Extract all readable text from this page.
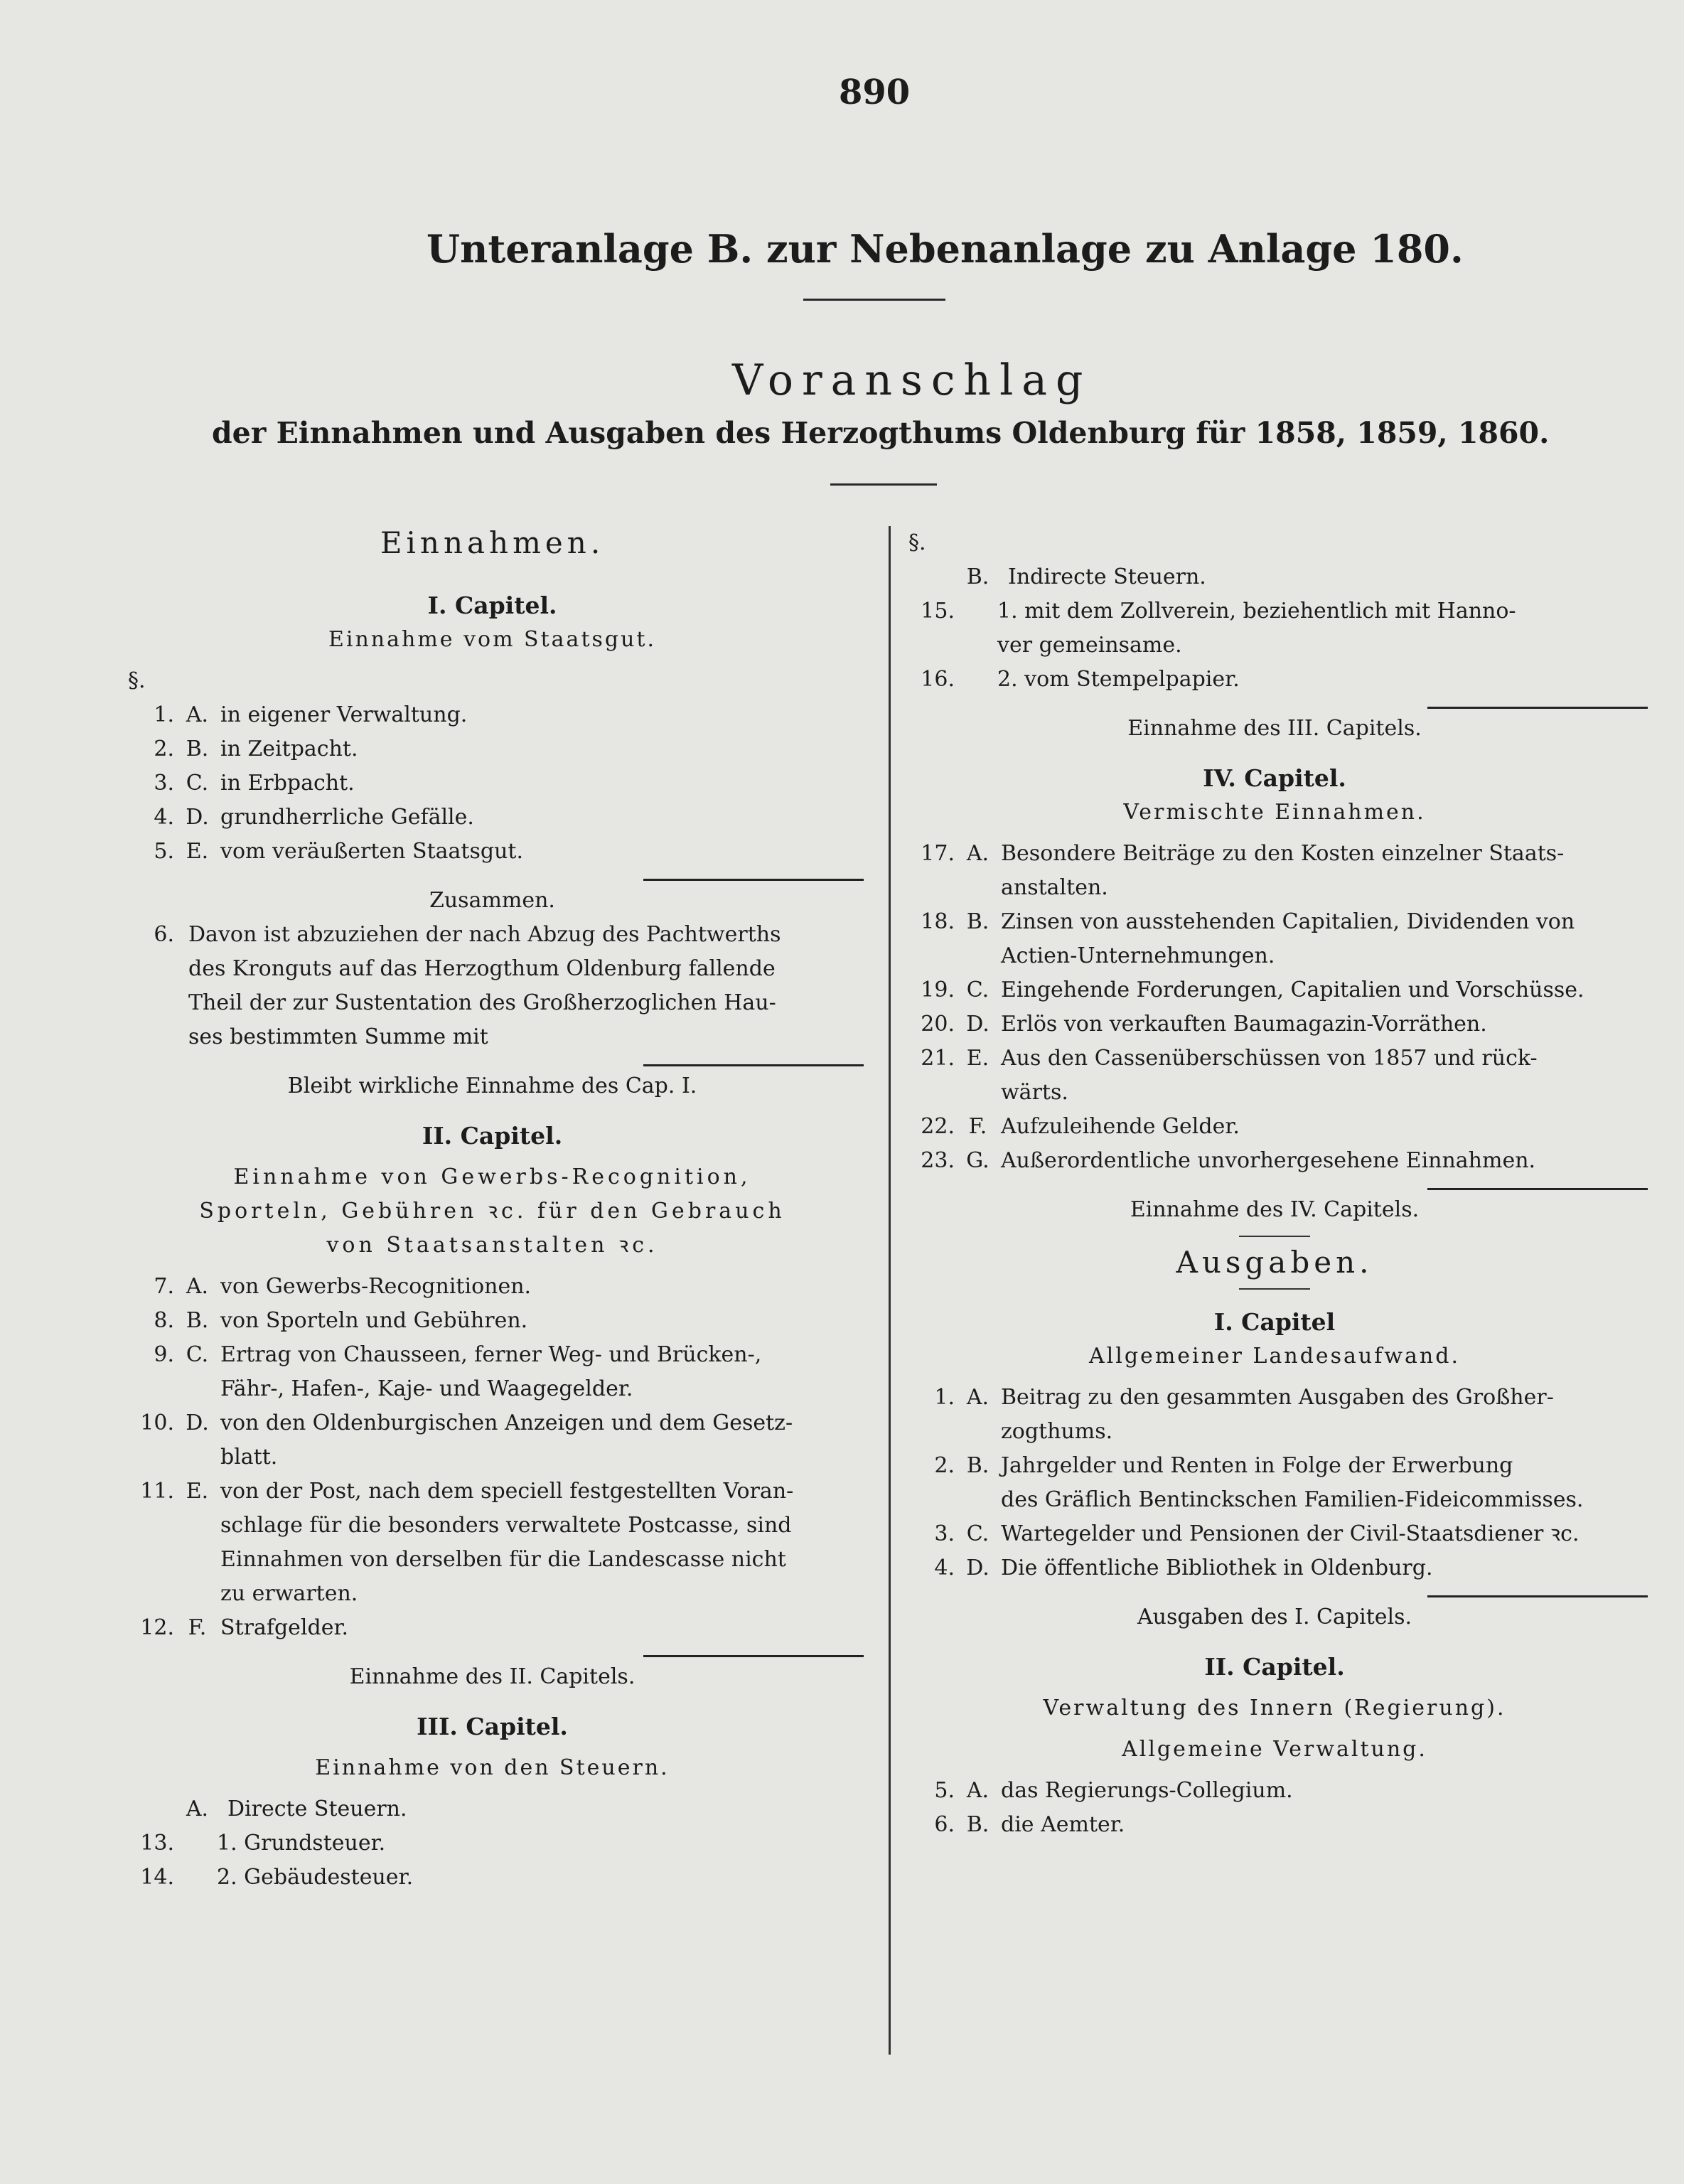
890
Unteranlage B. zur Nebenanlage zu Anlage 180.
Voranschlag
der Einnahmen und Ausgaben des Herzogthums Oldenburg für 1858, 1859, 1860.
Einnahmen.
I. Capitel.
Einnahme vom Staatsgut.
§.
1. A. in eigener Verwaltung.
2. B. in Zeitpacht.
3. C. in Erbpacht.
4. D. grundherrliche Gefälle.
5. E. vom veräußerten Staatsgut.
Zusammen.
6. Davon ist abzuziehen der nach Abzug des Pachtwerths
des Kronguts auf das Herzogthum Oldenburg fallende
Theil der zur Sustentation des Großherzoglichen Hau-
ses bestimmten Summe mit
Bleibt wirkliche Einnahme des Cap. I.
II. Capitel.
Einnahme von Gewerbs-Recognition,
Sporteln, Gebühren ꝛc. für den Gebrauch
von Staatsanstalten ꝛc.
7. A. von Gewerbs-Recognitionen.
8. B. von Sporteln und Gebühren.
9. C. Ertrag von Chausseen, ferner Weg- und Brücken-,
Fähr-, Hafen-, Kaje- und Waagegelder.
10. D. von den Oldenburgischen Anzeigen und dem Gesetz-
blatt.
11. E. von der Post, nach dem speciell festgestellten Voran-
schlage für die besonders verwaltete Postcasse, sind
Einnahmen von derselben für die Landescasse nicht
zu erwarten.
12. F. Strafgelder.
Einnahme des II. Capitels.
III. Capitel.
Einnahme von den Steuern.
A. Directe Steuern.
13.	1. Grundsteuer.
14.	2. Gebäudesteuer.
§.
B. Indirecte Steuern.
15. 1. mit dem Zollverein, beziehentlich mit Hanno-
ver gemeinsame.
16. 2. vom Stempelpapier.
Einnahme des III. Capitels.
IV. Capitel.
Vermischte Einnahmen.
17. A. Besondere Beiträge zu den Kosten einzelner Staats-
anstalten.
18. B. Zinsen von ausstehenden Capitalien, Dividenden von
Actien-Unternehmungen.
19. C. Eingehende Forderungen, Capitalien und Vorschüsse.
20. D. Erlös von verkauften Baumagazin-Vorräthen.
21. E. Aus den Cassenüberschüssen von 1857 und rück-
wärts.
22. F. Aufzuleihende Gelder.
23. G. Außerordentliche unvorhergesehene Einnahmen.
Einnahme des IV. Capitels.
Ausgaben.
I. Capitel
Allgemeiner Landesaufwand.
1. A. Beitrag zu den gesammten Ausgaben des Großher-
zogthums.
2. B. Jahrgelder und Renten in Folge der Erwerbung
des Gräflich Bentinckschen Familien-Fideicommisses.
3. C. Wartegelder und Pensionen der Civil-Staatsdiener ꝛc.
4. D. Die öffentliche Bibliothek in Oldenburg.
Ausgaben des I. Capitels.
II. Capitel.
Verwaltung des Innern (Regierung).
Allgemeine Verwaltung.
5. A. das Regierungs-Collegium.
6. B. die Aemter.
